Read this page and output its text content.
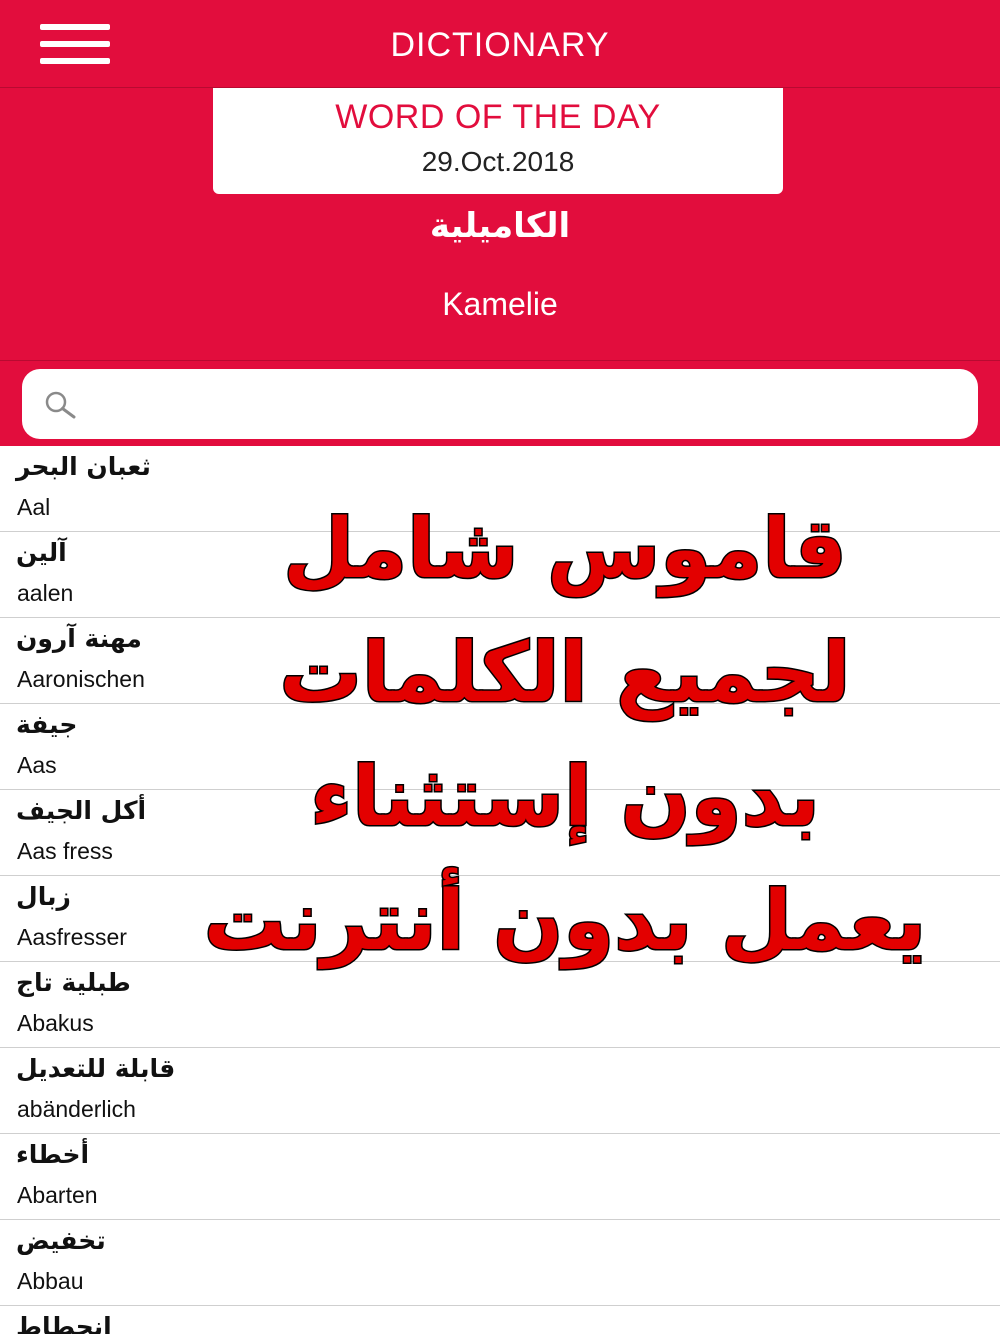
DICTIONARY
WORD OF THE DAY
29.Oct.2018
الكاميلية
Kamelie
ثعبان البحر
Aal
آلين
aalen
مهنة آرون
Aaronischen
جيفة
Aas
أكل الجيف
Aas fress
زبال
Aasfresser
طبلية تاج
Abakus
قابلة للتعديل
abänderlich
أخطاء
Abarten
تخفيض
Abbau
انحطاط
قاموس شامل
لجميع الكلمات
بدون إستثناء
يعمل بدون أنترنت
